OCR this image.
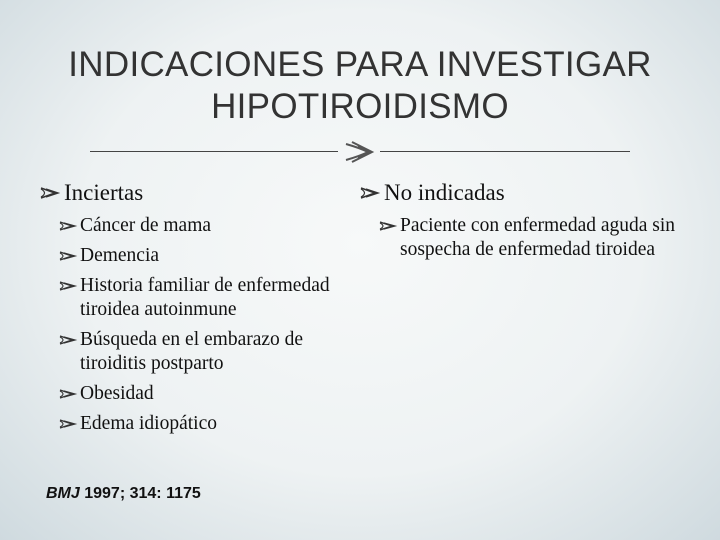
INDICACIONES PARA INVESTIGAR
HIPOTIROIDISMO
Inciertas
Cáncer de mama
Demencia
Historia familiar de enfermedad tiroidea autoinmune
Búsqueda en el embarazo de tiroiditis postparto
Obesidad
Edema idiopático
No indicadas
Paciente con enfermedad aguda sin sospecha de enfermedad tiroidea
BMJ 1997; 314: 1175
